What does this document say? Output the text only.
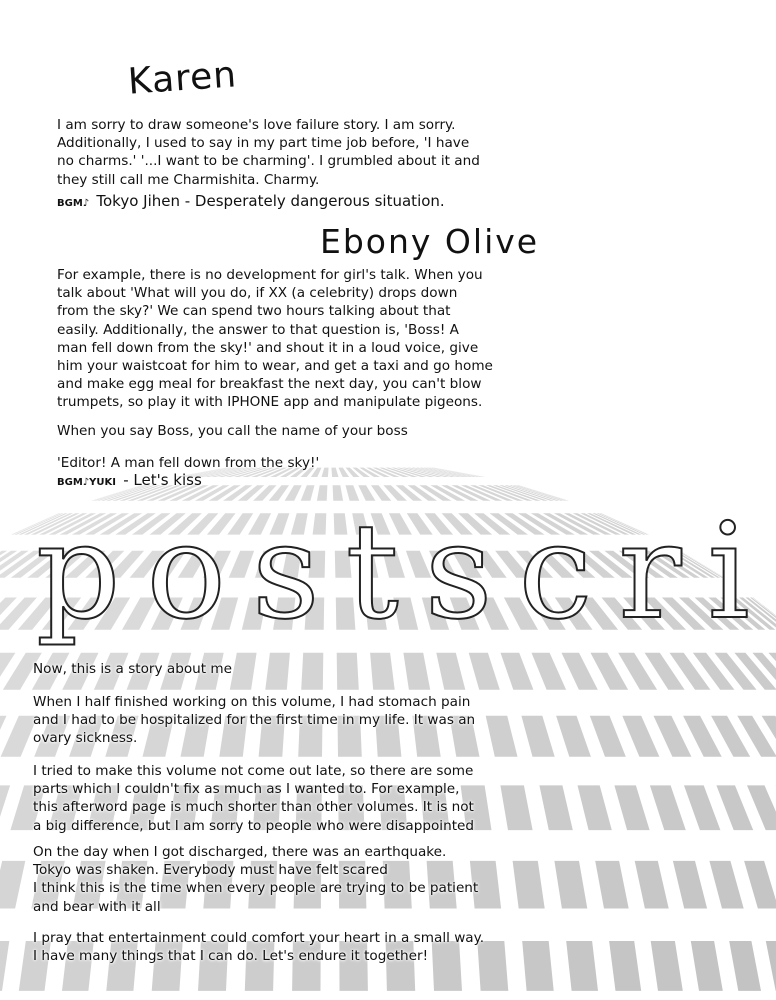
Karen
I am sorry to draw someone's love failure story. I am sorry.
Additionally, I used to say in my part time job before, 'I have
no charms.' '...I want to be charming'. I grumbled about it and
they still call me Charmishita. Charmy.
BGM♪ Tokyo Jihen - Desperately dangerous situation.
Ebony Olive
For example, there is no development for girl's talk. When you
talk about 'What will you do, if XX (a celebrity) drops down
from the sky?' We can spend two hours talking about that
easily. Additionally, the answer to that question is, 'Boss! A
man fell down from the sky!' and shout it in a loud voice, give
him your waistcoat for him to wear, and get a taxi and go home
and make egg meal for breakfast the next day, you can't blow
trumpets, so play it with IPHONE app and manipulate pigeons.
When you say Boss, you call the name of your boss
'Editor! A man fell down from the sky!'
BGM♪YUKI - Let's kiss
postscri
Now, this is a story about me
When I half finished working on this volume, I had stomach pain
and I had to be hospitalized for the first time in my life. It was an
ovary sickness.
I tried to make this volume not come out late, so there are some
parts which I couldn't fix as much as I wanted to. For example,
this afterword page is much shorter than other volumes. It is not
a big difference, but I am sorry to people who were disappointed
On the day when I got discharged, there was an earthquake.
Tokyo was shaken. Everybody must have felt scared
I think this is the time when every people are trying to be patient
and bear with it all
I pray that entertainment could comfort your heart in a small way.
I have many things that I can do. Let's endure it together!
